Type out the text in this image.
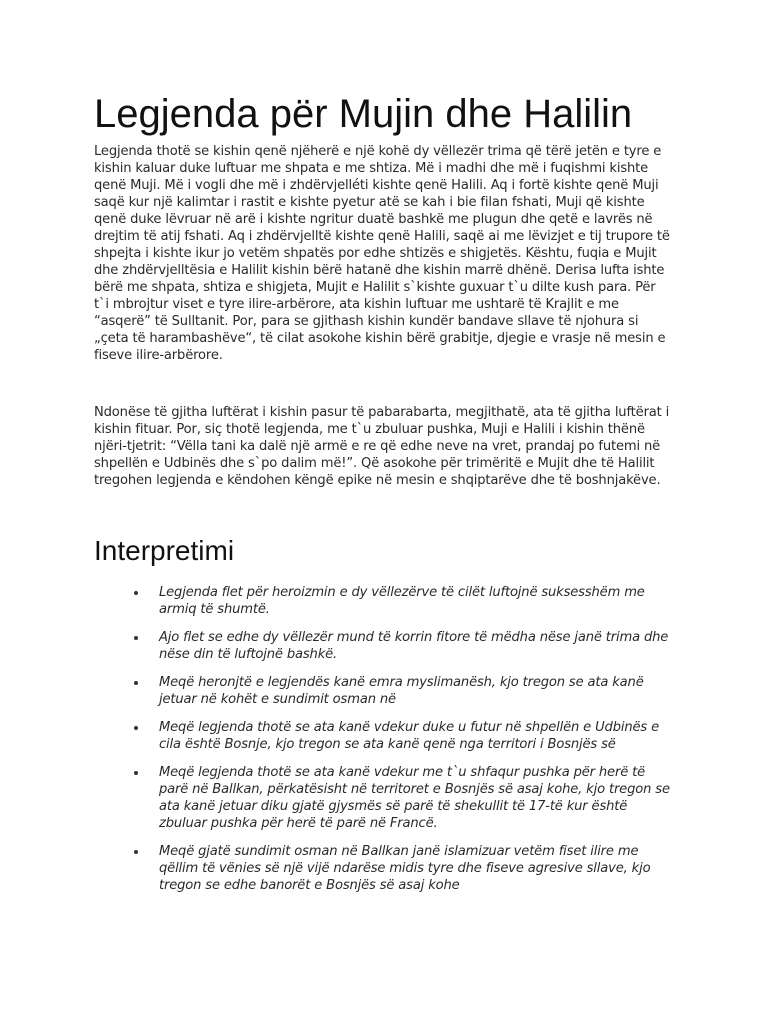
Legjenda për Mujin dhe Halilin

Legjenda thotë se kishin qenë njëherë e një kohë dy vëllezër trima që tërë jetën e tyre e kishin kaluar duke luftuar me shpata e me shtiza. Më i madhi dhe më i fuqishmi kishte qenë Muji. Më i vogli dhe më i zhdërvjelléti kishte qenë Halili. Aq i fortë kishte qenë Muji saqë kur një kalimtar i rastit e kishte pyetur atë se kah i bie filan fshati, Muji që kishte qenë duke lëvruar në arë i kishte ngritur duatë bashkë me plugun dhe qetë e lavrës në drejtim të atij fshati. Aq i zhdërvjelltë kishte qenë Halili, saqë ai me lëvizjet e tij trupore të shpejta i kishte ikur jo vetëm shpatës por edhe shtizës e shigjetës. Kështu, fuqia e Mujit dhe zhdërvjelltësia e Halilit kishin bërë hatanë dhe kishin marrë dhënë. Derisa lufta ishte bërë me shpata, shtiza e shigjeta, Mujit e Halilit s`kishte guxuar t`u dilte kush para. Për t`i mbrojtur viset e tyre ilire-arbërore, ata kishin luftuar me ushtarë të Krajlit e me “asqerë” të Sulltanit. Por, para se gjithash kishin kundër bandave sllave të njohura si „çeta të harambashëve“, të cilat asokohe kishin bërë grabitje, djegie e vrasje në mesin e fiseve ilire-arbërore.

Ndonëse të gjitha luftërat i kishin pasur të pabarabarta, megjithatë, ata të gjitha luftërat i kishin fituar. Por, siç thotë legjenda, me t`u zbuluar pushka, Muji e Halili i kishin thënë njëri-tjetrit: “Vëlla tani ka dalë një armë e re që edhe neve na vret, prandaj po futemi në shpellën e Udbinës dhe s`po dalim më!”. Që asokohe për trimëritë e Mujit dhe të Halilit tregohen legjenda e këndohen këngë epike në mesin e shqiptarëve dhe të boshnjakëve.

Interpretimi
Legjenda flet për heroizmin e dy vëllezërve të cilët luftojnë suksesshëm me armiq të shumtë.
Ajo flet se edhe dy vëllezër mund të korrin fitore të mëdha nëse janë trima dhe nëse din të luftojnë bashkë.
Meqë heronjtë e legjendës kanë emra myslimanësh, kjo tregon se ata kanë jetuar në kohët e sundimit osman në
Meqë legjenda thotë se ata kanë vdekur duke u futur në shpellën e Udbinës e cila është Bosnje, kjo tregon se ata kanë qenë nga territori i Bosnjës së
Meqë legjenda thotë se ata kanë vdekur me t`u shfaqur pushka për herë të parë në Ballkan, përkatësisht në territoret e Bosnjës së asaj kohe, kjo tregon se ata kanë jetuar diku gjatë gjysmës së parë të shekullit të 17-të kur është zbuluar pushka për herë të parë në Francë.
Meqë gjatë sundimit osman në Ballkan janë islamizuar vetëm fiset ilire me qëllim të vënies së një vijë ndarëse midis tyre dhe fiseve agresive sllave, kjo tregon se edhe banorët e Bosnjës së asaj kohe
